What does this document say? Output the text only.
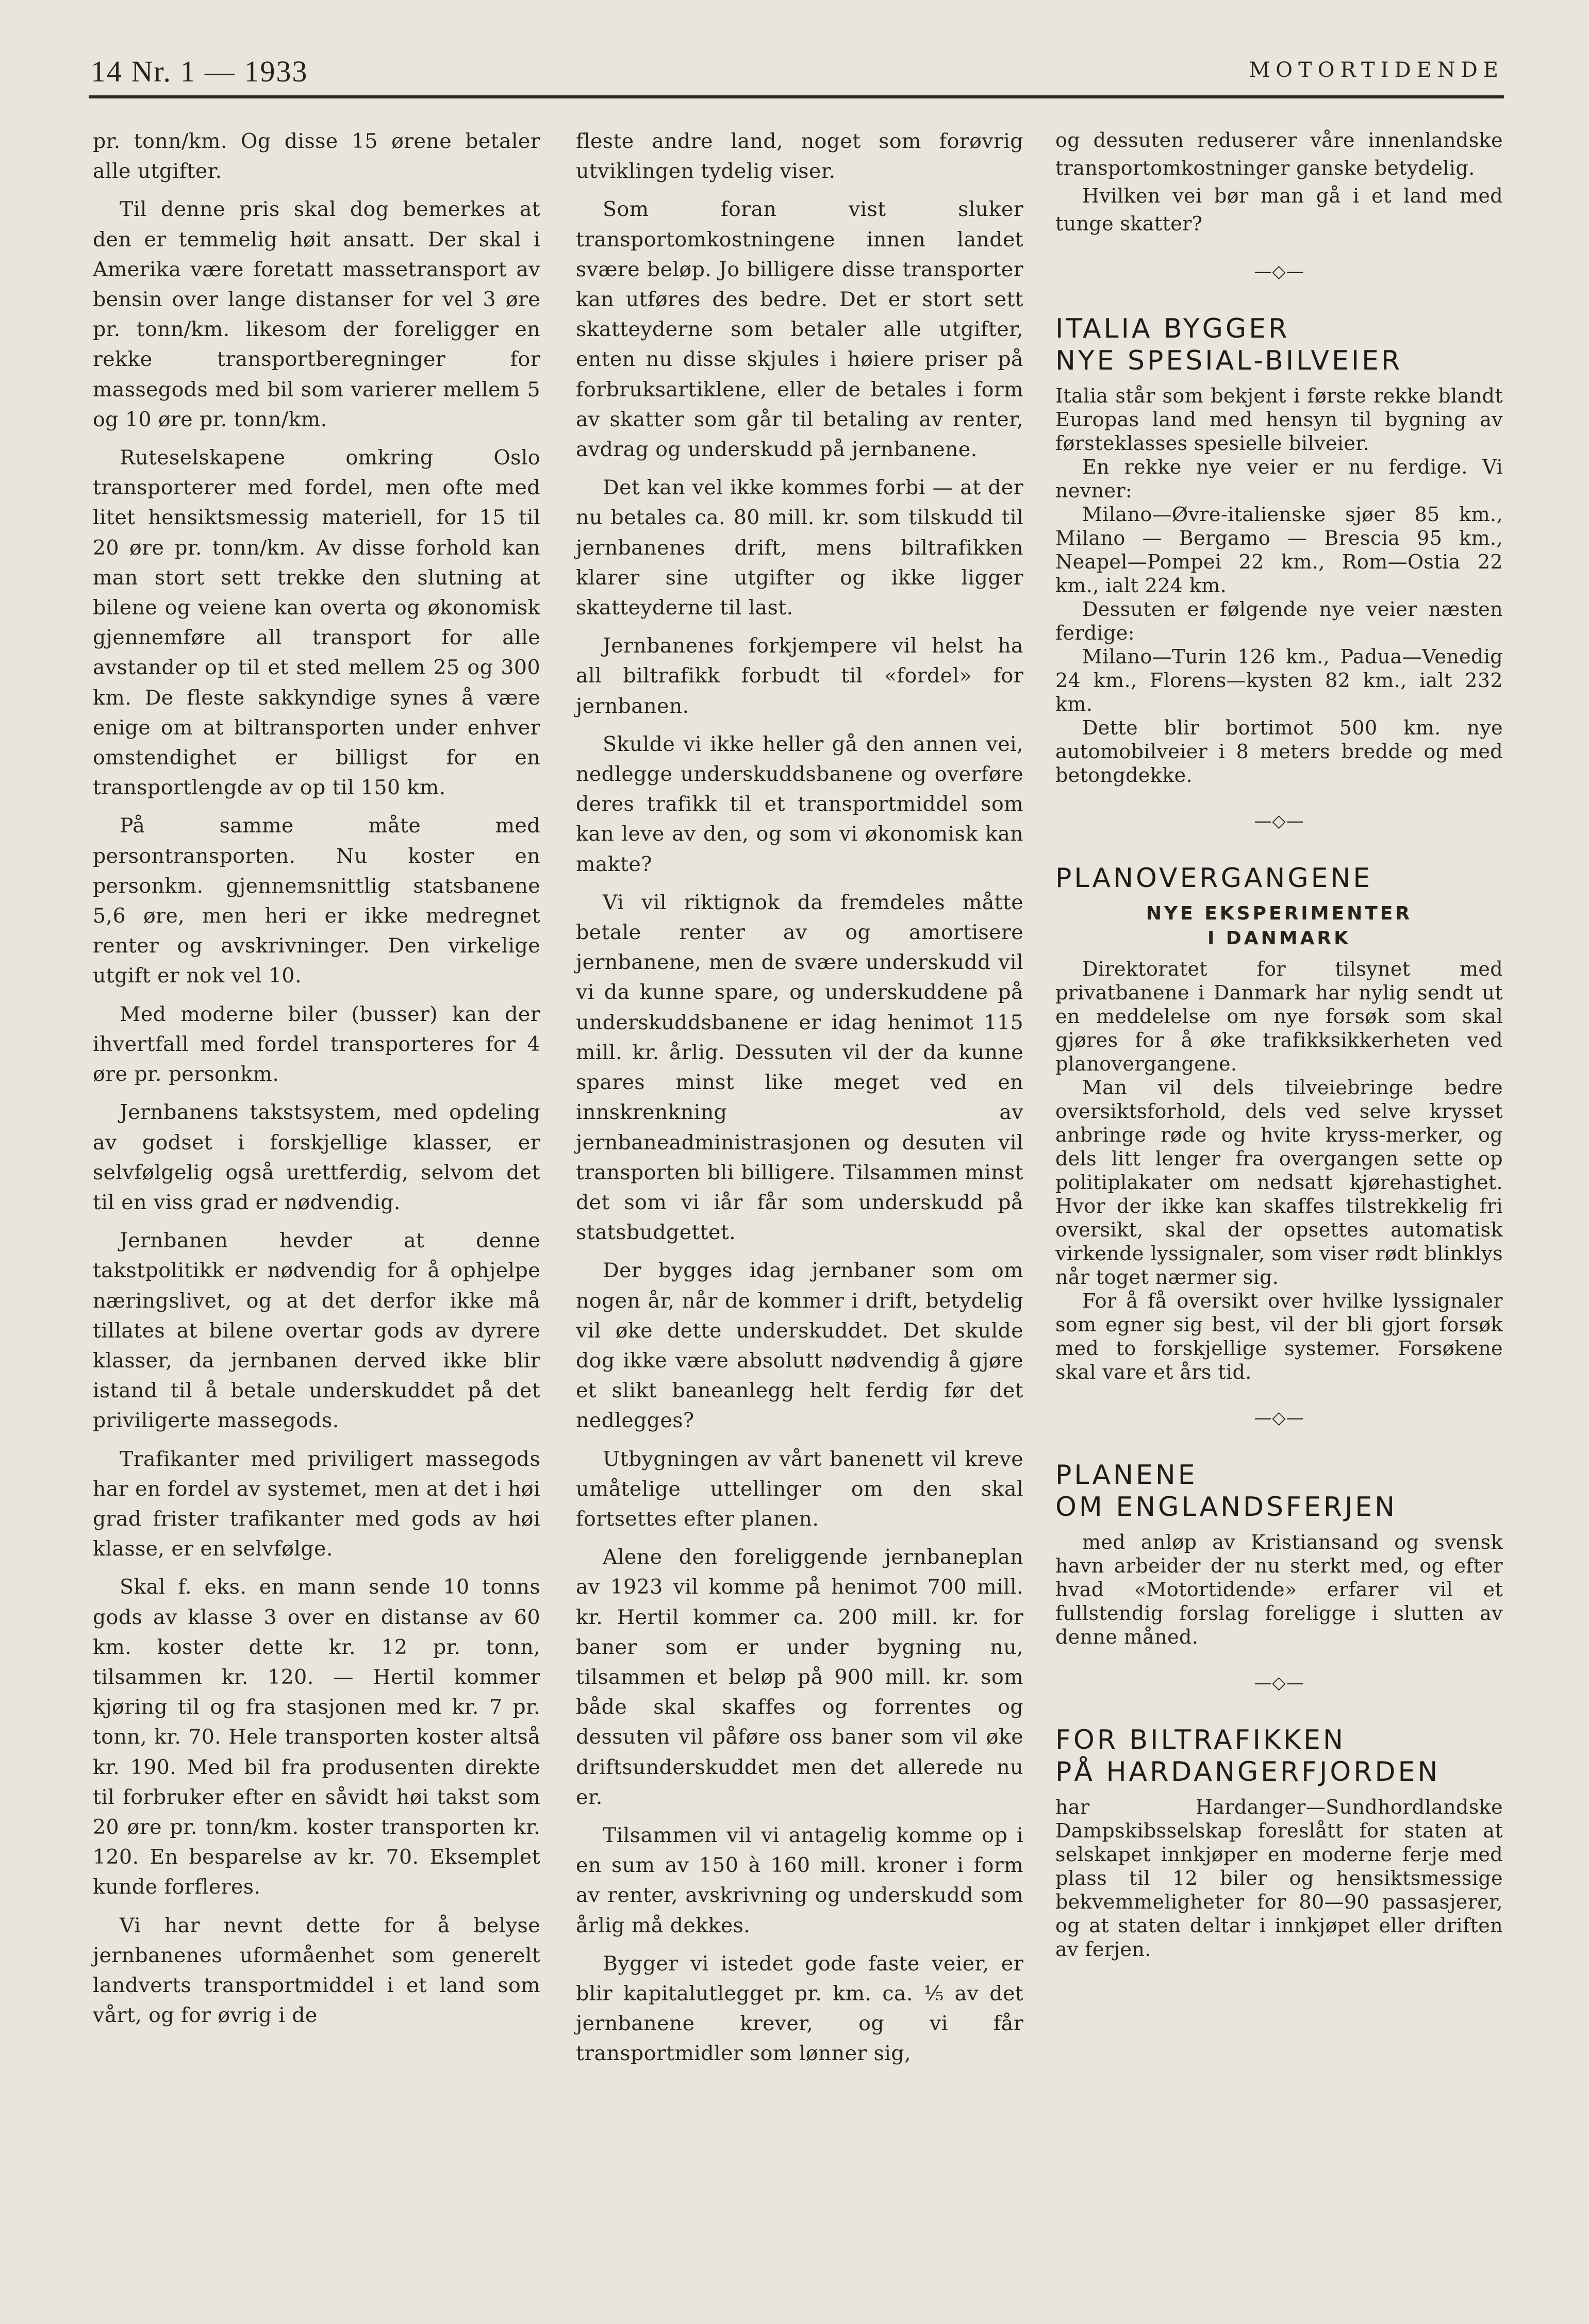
14 Nr. 1 — 1933	MOTORTIDENDE

pr. tonn/km. Og disse 15 ørene betaler alle utgifter.

Til denne pris skal dog bemerkes at den er temmelig høit ansatt. Der skal i Amerika være foretatt massetransport av bensin over lange distanser for vel 3 øre pr. tonn/km. likesom der foreligger en rekke transportberegninger for massegods med bil som varierer mellem 5 og 10 øre pr. tonn/km.

Ruteselskapene omkring Oslo transporterer med fordel, men ofte med litet hensiktsmessig materiell, for 15 til 20 øre pr. tonn/km. Av disse forhold kan man stort sett trekke den slutning at bilene og veiene kan overta og økonomisk gjennemføre all transport for alle avstander op til et sted mellem 25 og 300 km. De fleste sakkyndige synes å være enige om at biltransporten under enhver omstendighet er billigst for en transportlengde av op til 150 km.

På samme måte med persontransporten. Nu koster en personkm. gjennemsnittlig statsbanene 5,6 øre, men heri er ikke medregnet renter og avskrivninger. Den virkelige utgift er nok vel 10.

Med moderne biler (busser) kan der ihvertfall med fordel transporteres for 4 øre pr. personkm.

Jernbanens takstsystem, med opdeling av godset i forskjellige klasser, er selvfølgelig også urettferdig, selvom det til en viss grad er nødvendig.

Jernbanen hevder at denne takstpolitikk er nødvendig for å ophjelpe næringslivet, og at det derfor ikke må tillates at bilene overtar gods av dyrere klasser, da jernbanen derved ikke blir istand til å betale underskuddet på det priviligerte massegods.

Trafikanter med priviligert massegods har en fordel av systemet, men at det i høi grad frister trafikanter med gods av høi klasse, er en selvfølge.

Skal f. eks. en mann sende 10 tonns gods av klasse 3 over en distanse av 60 km. koster dette kr. 12 pr. tonn, tilsammen kr. 120. — Hertil kommer kjøring til og fra stasjonen med kr. 7 pr. tonn, kr. 70. Hele transporten koster altså kr. 190. Med bil fra produsenten direkte til forbruker efter en såvidt høi takst som 20 øre pr. tonn/km. koster transporten kr. 120. En besparelse av kr. 70. Eksemplet kunde forfleres.

Vi har nevnt dette for å belyse jernbanenes uformåenhet som generelt landverts transportmiddel i et land som vårt, og for øvrig i de

fleste andre land, noget som forøvrig utviklingen tydelig viser.

Som foran vist sluker transportomkostningene innen landet svære beløp. Jo billigere disse transporter kan utføres des bedre. Det er stort sett skatteyderne som betaler alle utgifter, enten nu disse skjules i høiere priser på forbruksartiklene, eller de betales i form av skatter som går til betaling av renter, avdrag og underskudd på jernbanene.

Det kan vel ikke kommes forbi — at der nu betales ca. 80 mill. kr. som tilskudd til jernbanenes drift, mens biltrafikken klarer sine utgifter og ikke ligger skatteyderne til last.

Jernbanenes forkjempere vil helst ha all biltrafikk forbudt til «fordel» for jernbanen.

Skulde vi ikke heller gå den annen vei, nedlegge underskuddsbanene og overføre deres trafikk til et transportmiddel som kan leve av den, og som vi økonomisk kan makte?

Vi vil riktignok da fremdeles måtte betale renter av og amortisere jernbanene, men de svære underskudd vil vi da kunne spare, og underskuddene på underskuddsbanene er idag henimot 115 mill. kr. årlig. Dessuten vil der da kunne spares minst like meget ved en innskrenkning av jernbaneadministrasjonen og desuten vil transporten bli billigere. Tilsammen minst det som vi iår får som underskudd på statsbudgettet.

Der bygges idag jernbaner som om nogen år, når de kommer i drift, betydelig vil øke dette underskuddet. Det skulde dog ikke være absolutt nødvendig å gjøre et slikt baneanlegg helt ferdig før det nedlegges?

Utbygningen av vårt banenett vil kreve umåtelige uttellinger om den skal fortsettes efter planen.

Alene den foreliggende jernbaneplan av 1923 vil komme på henimot 700 mill. kr. Hertil kommer ca. 200 mill. kr. for baner som er under bygning nu, tilsammen et beløp på 900 mill. kr. som både skal skaffes og forrentes og dessuten vil påføre oss baner som vil øke driftsunderskuddet men det allerede nu er.

Tilsammen vil vi antagelig komme op i en sum av 150 à 160 mill. kroner i form av renter, avskrivning og underskudd som årlig må dekkes.

Bygger vi istedet gode faste veier, er blir kapitalutlegget pr. km. ca. ⅕ av det jernbanene krever, og vi får transportmidler som lønner sig,

og dessuten reduserer våre innenlandske transportomkostninger ganske betydelig.

Hvilken vei bør man gå i et land med tunge skatter?

—◇—
ITALIA BYGGER
NYE SPESIAL-BILVEIER

Italia står som bekjent i første rekke blandt Europas land med hensyn til bygning av førsteklasses spesielle bilveier.

En rekke nye veier er nu ferdige. Vi nevner:

Milano—Øvre-italienske sjøer 85 km., Milano — Bergamo — Brescia 95 km., Neapel—Pompei 22 km., Rom—Ostia 22 km., ialt 224 km.

Dessuten er følgende nye veier næsten ferdige:

Milano—Turin 126 km., Padua—Venedig 24 km., Florens—kysten 82 km., ialt 232 km.

Dette blir bortimot 500 km. nye automobilveier i 8 meters bredde og med betongdekke.

—◇—
PLANOVERGANGENE
NYE EKSPERIMENTER
I DANMARK

Direktoratet for tilsynet med privatbanene i Danmark har nylig sendt ut en meddelelse om nye forsøk som skal gjøres for å øke trafikksikkerheten ved planovergangene.

Man vil dels tilveiebringe bedre oversiktsforhold, dels ved selve krysset anbringe røde og hvite kryss-merker, og dels litt lenger fra overgangen sette op politiplakater om nedsatt kjørehastighet. Hvor der ikke kan skaffes tilstrekkelig fri oversikt, skal der opsettes automatisk virkende lyssignaler, som viser rødt blinklys når toget nærmer sig.

For å få oversikt over hvilke lyssignaler som egner sig best, vil der bli gjort forsøk med to forskjellige systemer. Forsøkene skal vare et års tid.

—◇—
PLANENE
OM ENGLANDSFERJEN

med anløp av Kristiansand og svensk havn arbeider der nu sterkt med, og efter hvad «Motortidende» erfarer vil et fullstendig forslag foreligge i slutten av denne måned.

—◇—
FOR BILTRAFIKKEN
PÅ HARDANGERFJORDEN

har Hardanger—Sundhordlandske Dampskibsselskap foreslått for staten at selskapet innkjøper en moderne ferje med plass til 12 biler og hensiktsmessige bekvemmeligheter for 80—90 passasjerer, og at staten deltar i innkjøpet eller driften av ferjen.
